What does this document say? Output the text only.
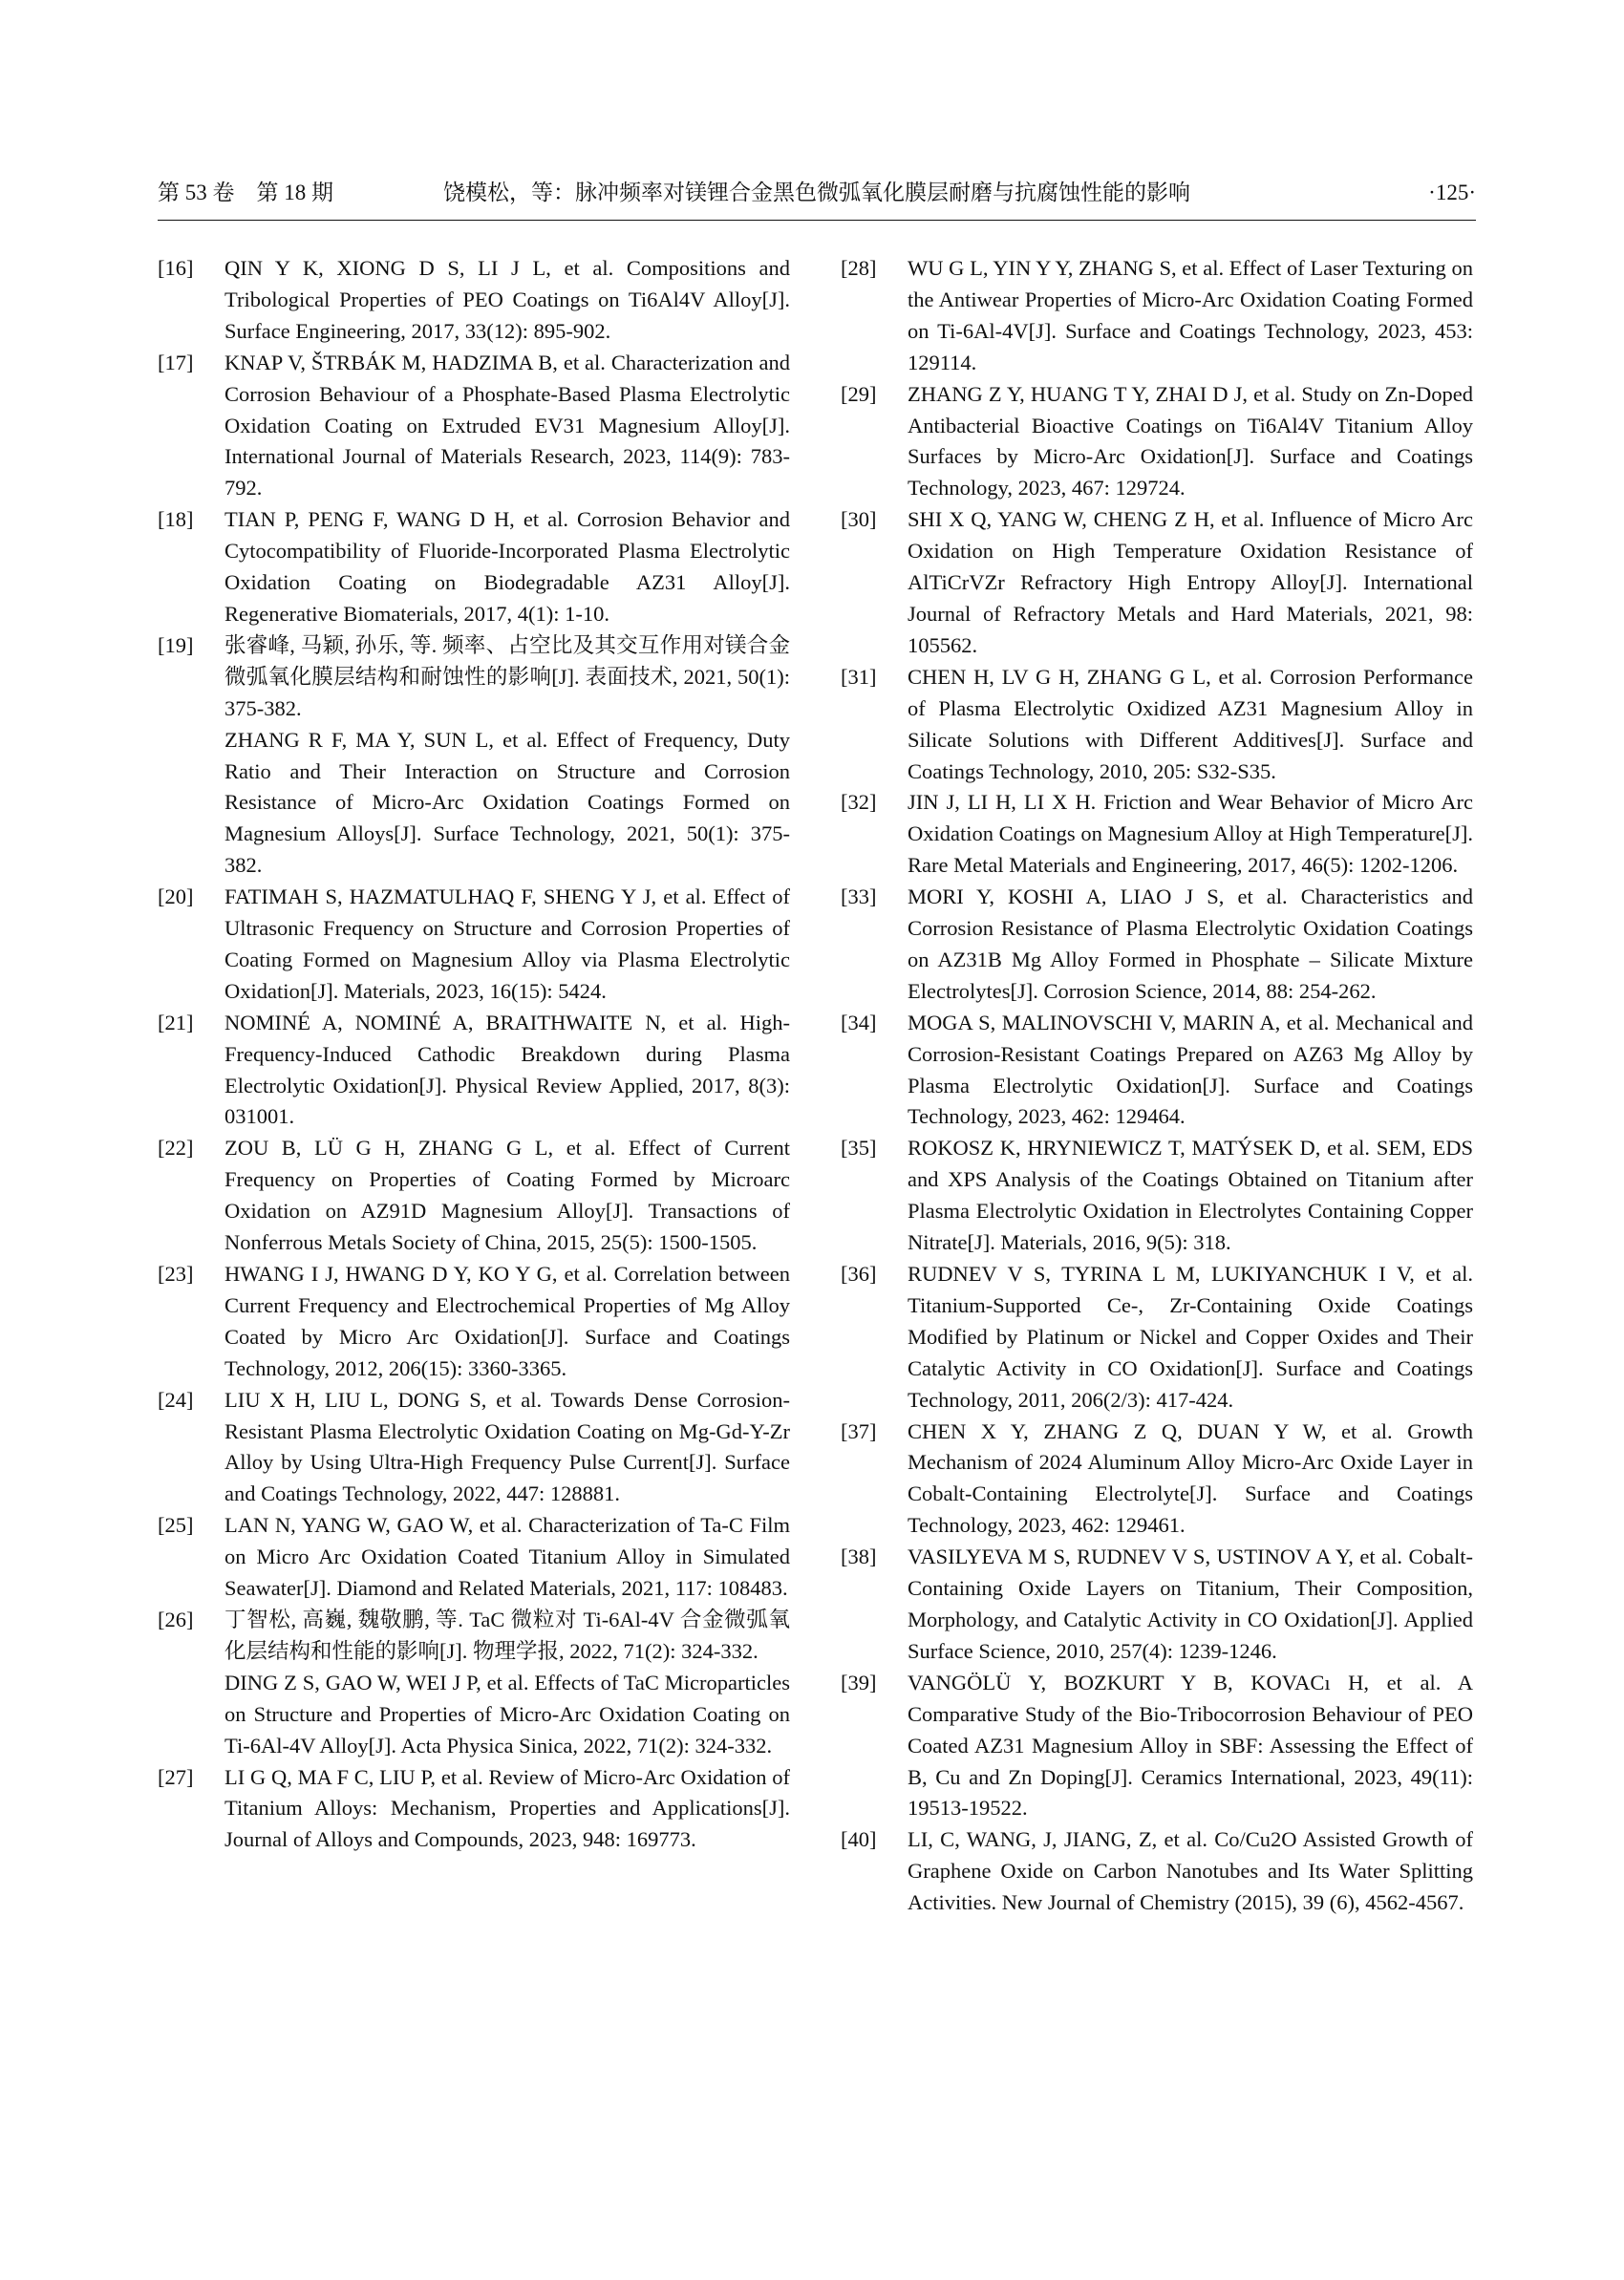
第 53 卷　第 18 期	饶模松，等：脉冲频率对镁锂合金黑色微弧氧化膜层耐磨与抗腐蚀性能的影响	·125·
[16] QIN Y K, XIONG D S, LI J L, et al. Compositions and Tribological Properties of PEO Coatings on Ti6Al4V Alloy[J]. Surface Engineering, 2017, 33(12): 895-902.
[17] KNAP V, ŠTRBÁK M, HADZIMA B, et al. Characterization and Corrosion Behaviour of a Phosphate-Based Plasma Electrolytic Oxidation Coating on Extruded EV31 Magnesium Alloy[J]. International Journal of Materials Research, 2023, 114(9): 783-792.
[18] TIAN P, PENG F, WANG D H, et al. Corrosion Behavior and Cytocompatibility of Fluoride-Incorporated Plasma Electrolytic Oxidation Coating on Biodegradable AZ31 Alloy[J]. Regenerative Biomaterials, 2017, 4(1): 1-10.
[19] 张睿峰, 马颖, 孙乐, 等. 频率、占空比及其交互作用对镁合金微弧氧化膜层结构和耐蚀性的影响[J]. 表面技术, 2021, 50(1): 375-382.
ZHANG R F, MA Y, SUN L, et al. Effect of Frequency, Duty Ratio and Their Interaction on Structure and Corrosion Resistance of Micro-Arc Oxidation Coatings Formed on Magnesium Alloys[J]. Surface Technology, 2021, 50(1): 375-382.
[20] FATIMAH S, HAZMATULHAQ F, SHENG Y J, et al. Effect of Ultrasonic Frequency on Structure and Corrosion Properties of Coating Formed on Magnesium Alloy via Plasma Electrolytic Oxidation[J]. Materials, 2023, 16(15): 5424.
[21] NOMINÉ A, NOMINÉ A, BRAITHWAITE N, et al. High-Frequency-Induced Cathodic Breakdown during Plasma Electrolytic Oxidation[J]. Physical Review Applied, 2017, 8(3): 031001.
[22] ZOU B, LÜ G H, ZHANG G L, et al. Effect of Current Frequency on Properties of Coating Formed by Microarc Oxidation on AZ91D Magnesium Alloy[J]. Transactions of Nonferrous Metals Society of China, 2015, 25(5): 1500-1505.
[23] HWANG I J, HWANG D Y, KO Y G, et al. Correlation between Current Frequency and Electrochemical Properties of Mg Alloy Coated by Micro Arc Oxidation[J]. Surface and Coatings Technology, 2012, 206(15): 3360-3365.
[24] LIU X H, LIU L, DONG S, et al. Towards Dense Corrosion-Resistant Plasma Electrolytic Oxidation Coating on Mg-Gd-Y-Zr Alloy by Using Ultra-High Frequency Pulse Current[J]. Surface and Coatings Technology, 2022, 447: 128881.
[25] LAN N, YANG W, GAO W, et al. Characterization of Ta-C Film on Micro Arc Oxidation Coated Titanium Alloy in Simulated Seawater[J]. Diamond and Related Materials, 2021, 117: 108483.
[26] 丁智松, 高巍, 魏敬鹏, 等. TaC 微粒对 Ti-6Al-4V 合金微弧氧化层结构和性能的影响[J]. 物理学报, 2022, 71(2): 324-332.
DING Z S, GAO W, WEI J P, et al. Effects of TaC Microparticles on Structure and Properties of Micro-Arc Oxidation Coating on Ti-6Al-4V Alloy[J]. Acta Physica Sinica, 2022, 71(2): 324-332.
[27] LI G Q, MA F C, LIU P, et al. Review of Micro-Arc Oxidation of Titanium Alloys: Mechanism, Properties and Applications[J]. Journal of Alloys and Compounds, 2023, 948: 169773.
[28] WU G L, YIN Y Y, ZHANG S, et al. Effect of Laser Texturing on the Antiwear Properties of Micro-Arc Oxidation Coating Formed on Ti-6Al-4V[J]. Surface and Coatings Technology, 2023, 453: 129114.
[29] ZHANG Z Y, HUANG T Y, ZHAI D J, et al. Study on Zn-Doped Antibacterial Bioactive Coatings on Ti6Al4V Titanium Alloy Surfaces by Micro-Arc Oxidation[J]. Surface and Coatings Technology, 2023, 467: 129724.
[30] SHI X Q, YANG W, CHENG Z H, et al. Influence of Micro Arc Oxidation on High Temperature Oxidation Resistance of AlTiCrVZr Refractory High Entropy Alloy[J]. International Journal of Refractory Metals and Hard Materials, 2021, 98: 105562.
[31] CHEN H, LV G H, ZHANG G L, et al. Corrosion Performance of Plasma Electrolytic Oxidized AZ31 Magnesium Alloy in Silicate Solutions with Different Additives[J]. Surface and Coatings Technology, 2010, 205: S32-S35.
[32] JIN J, LI H, LI X H. Friction and Wear Behavior of Micro Arc Oxidation Coatings on Magnesium Alloy at High Temperature[J]. Rare Metal Materials and Engineering, 2017, 46(5): 1202-1206.
[33] MORI Y, KOSHI A, LIAO J S, et al. Characteristics and Corrosion Resistance of Plasma Electrolytic Oxidation Coatings on AZ31B Mg Alloy Formed in Phosphate – Silicate Mixture Electrolytes[J]. Corrosion Science, 2014, 88: 254-262.
[34] MOGA S, MALINOVSCHI V, MARIN A, et al. Mechanical and Corrosion-Resistant Coatings Prepared on AZ63 Mg Alloy by Plasma Electrolytic Oxidation[J]. Surface and Coatings Technology, 2023, 462: 129464.
[35] ROKOSZ K, HRYNIEWICZ T, MATÝSEK D, et al. SEM, EDS and XPS Analysis of the Coatings Obtained on Titanium after Plasma Electrolytic Oxidation in Electrolytes Containing Copper Nitrate[J]. Materials, 2016, 9(5): 318.
[36] RUDNEV V S, TYRINA L M, LUKIYANCHUK I V, et al. Titanium-Supported Ce-, Zr-Containing Oxide Coatings Modified by Platinum or Nickel and Copper Oxides and Their Catalytic Activity in CO Oxidation[J]. Surface and Coatings Technology, 2011, 206(2/3): 417-424.
[37] CHEN X Y, ZHANG Z Q, DUAN Y W, et al. Growth Mechanism of 2024 Aluminum Alloy Micro-Arc Oxide Layer in Cobalt-Containing Electrolyte[J]. Surface and Coatings Technology, 2023, 462: 129461.
[38] VASILYEVA M S, RUDNEV V S, USTINOV A Y, et al. Cobalt-Containing Oxide Layers on Titanium, Their Composition, Morphology, and Catalytic Activity in CO Oxidation[J]. Applied Surface Science, 2010, 257(4): 1239-1246.
[39] VANGÖLÜ Y, BOZKURT Y B, KOVACı H, et al. A Comparative Study of the Bio-Tribocorrosion Behaviour of PEO Coated AZ31 Magnesium Alloy in SBF: Assessing the Effect of B, Cu and Zn Doping[J]. Ceramics International, 2023, 49(11): 19513-19522.
[40] LI, C, WANG, J, JIANG, Z, et al. Co/Cu2O Assisted Growth of Graphene Oxide on Carbon Nanotubes and Its Water Splitting Activities. New Journal of Chemistry (2015), 39 (6), 4562-4567.
